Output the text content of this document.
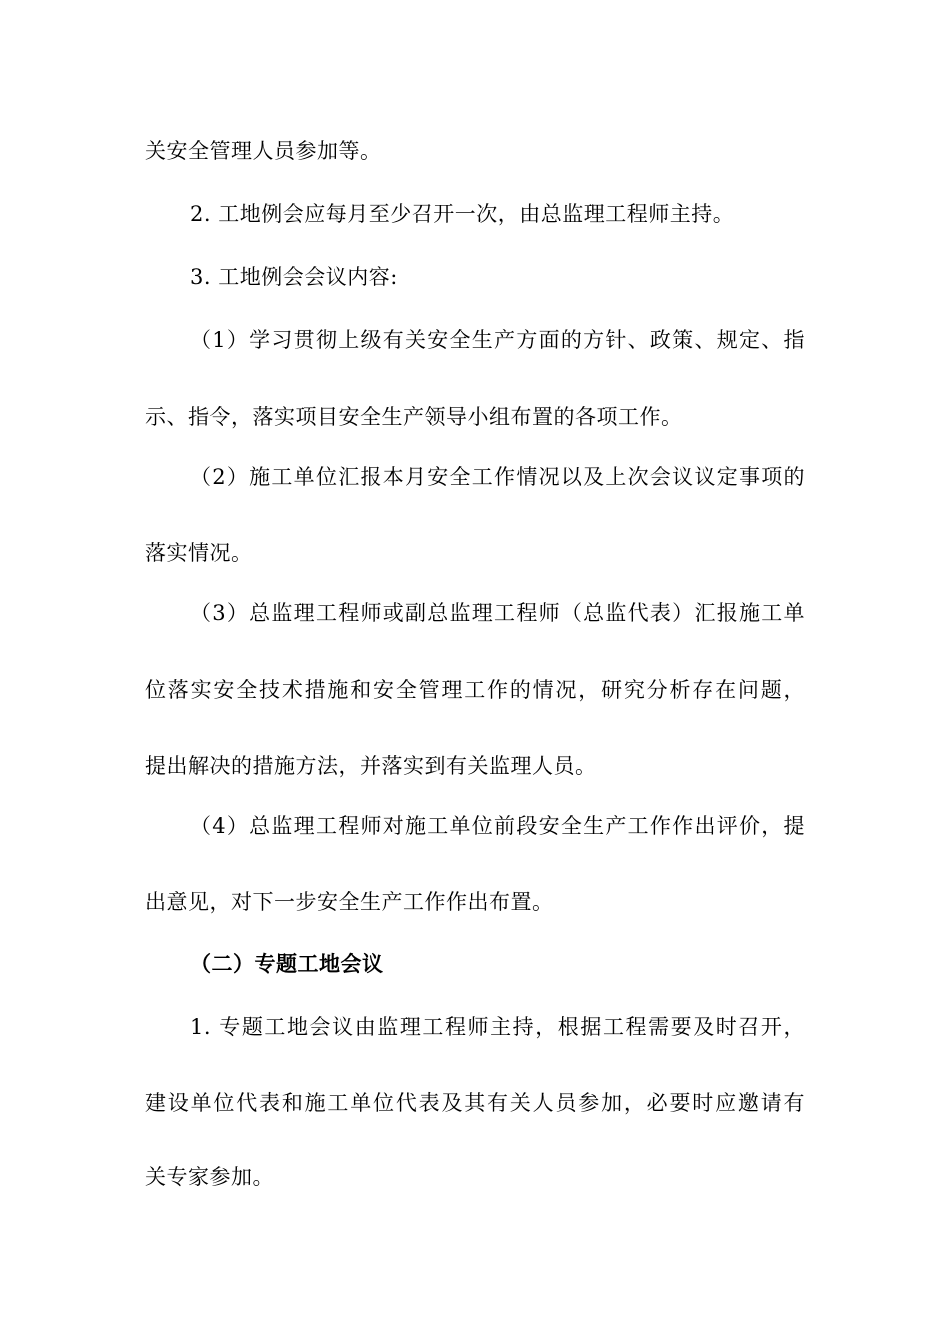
关安全管理人员参加等。
2. 工地例会应每月至少召开一次，由总监理工程师主持。
3. 工地例会会议内容:
（1）学习贯彻上级有关安全生产方面的方针、政策、规定、指
示、指令，落实项目安全生产领导小组布置的各项工作。
（2）施工单位汇报本月安全工作情况以及上次会议议定事项的
落实情况。
（3）总监理工程师或副总监理工程师（总监代表）汇报施工单
位落实安全技术措施和安全管理工作的情况，研究分析存在问题，
提出解决的措施方法，并落实到有关监理人员。
（4）总监理工程师对施工单位前段安全生产工作作出评价，提
出意见，对下一步安全生产工作作出布置。
（二）专题工地会议
1. 专题工地会议由监理工程师主持，根据工程需要及时召开，
建设单位代表和施工单位代表及其有关人员参加，必要时应邀请有
关专家参加。
